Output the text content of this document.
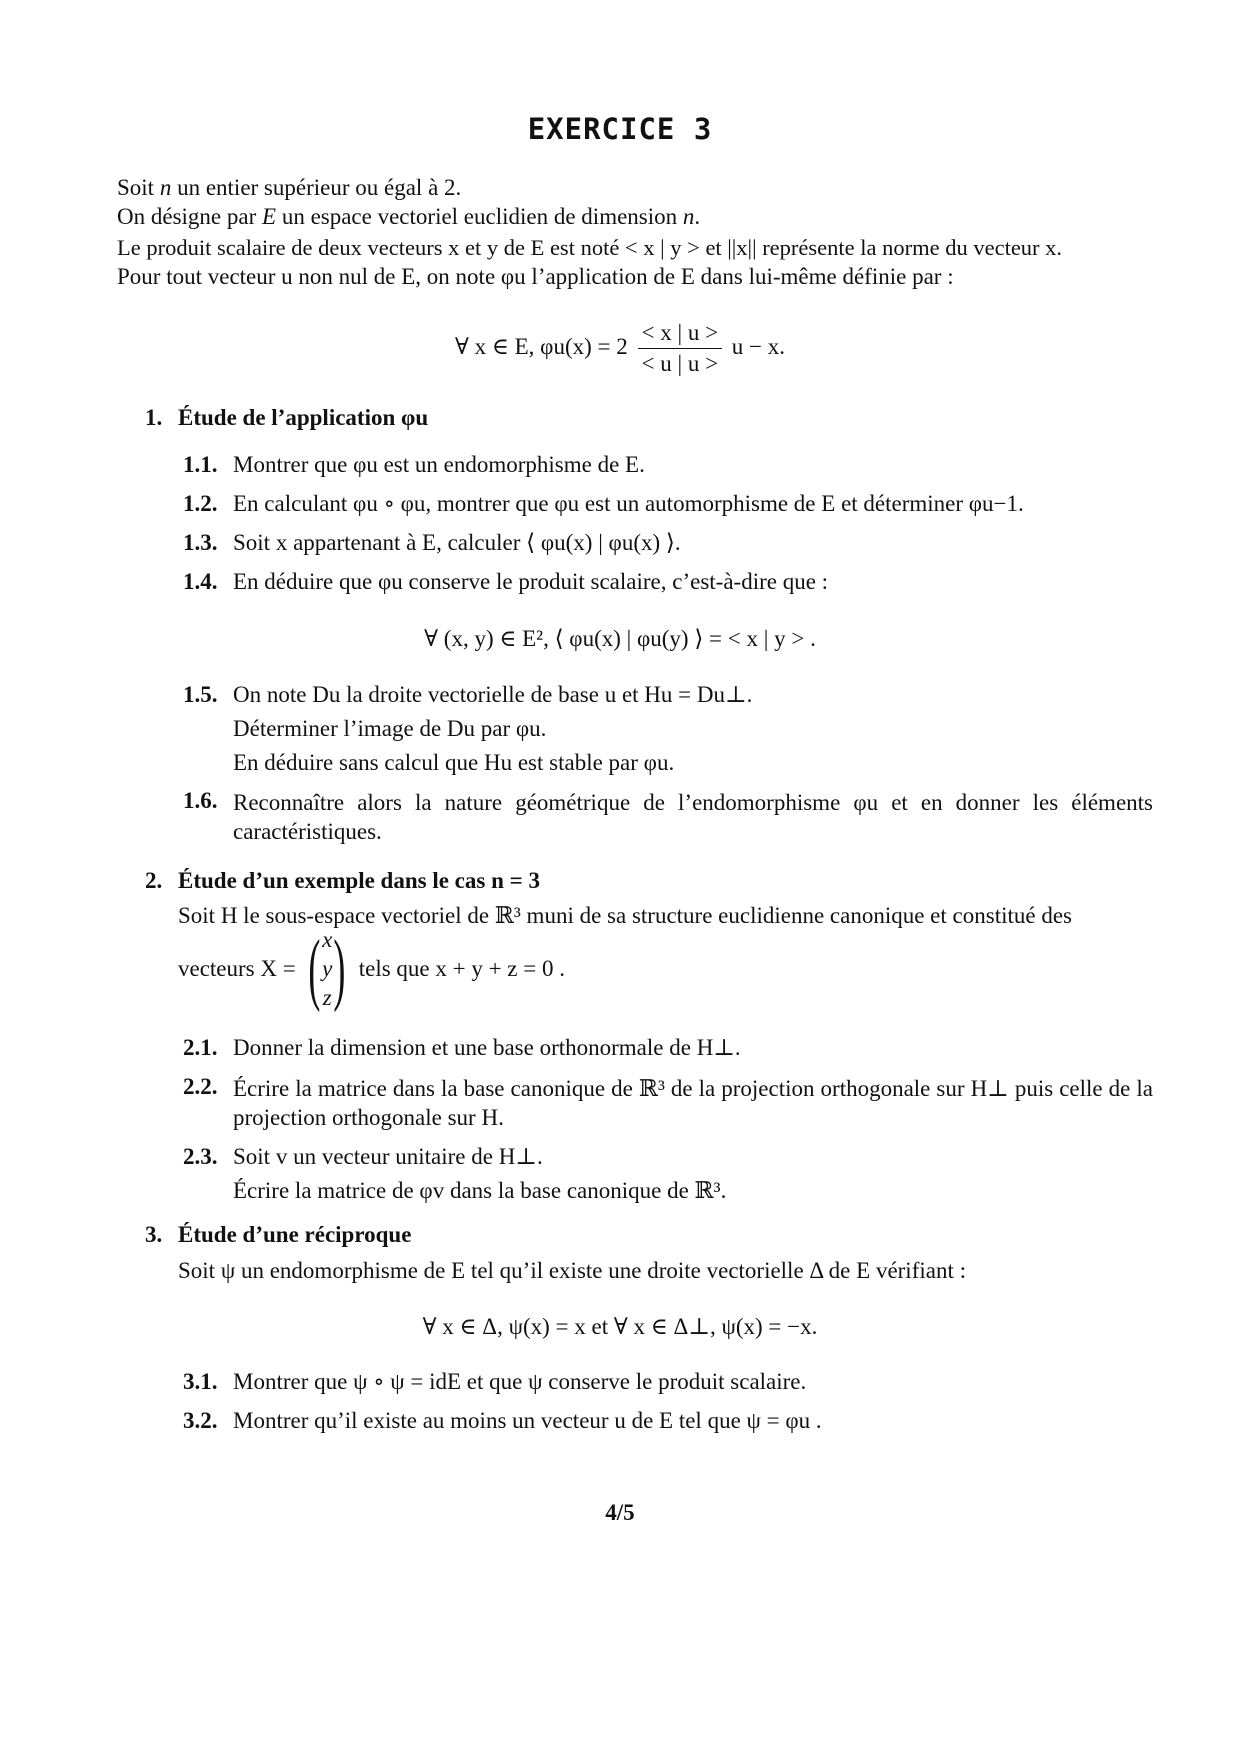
EXERCICE 3
Soit n un entier supérieur ou égal à 2.
On désigne par E un espace vectoriel euclidien de dimension n.
Le produit scalaire de deux vecteurs x et y de E est noté < x | y > et ||x|| représente la norme du vecteur x.
Pour tout vecteur u non nul de E, on note φu l’application de E dans lui-même définie par :
∀ x ∈ E, $\varphi u(x) = 2 \frac{< x | u >}{< u | u >}$ u − x.
1. Étude de l’application φu
1.1. Montrer que φu est un endomorphisme de E.
1.2. En calculant φu ∘ φu, montrer que φu est un automorphisme de E et déterminer φu−1.
1.3. Soit x appartenant à E, calculer ⟨ φu(x) | φu(x) ⟩.
1.4. En déduire que φu conserve le produit scalaire, c’est-à-dire que :
∀ (x, y) ∈ E², ⟨ φu(x) | φu(y) ⟩ = < x | y > .
1.5. On note Du la droite vectorielle de base u et Hu = Du⊥.
Déterminer l’image de Du par φu.
En déduire sans calcul que Hu est stable par φu.
1.6. Reconnaître alors la nature géométrique de l’endomorphisme φu et en donner les éléments caractéristiques.
2. Étude d’un exemple dans le cas n = 3
Soit H le sous-espace vectoriel de ℝ³ muni de sa structure euclidienne canonique et constitué des
vecteurs X = ( x
y
z ) tels que x + y + z = 0 .
2.1. Donner la dimension et une base orthonormale de H⊥.
2.2. Écrire la matrice dans la base canonique de ℝ³ de la projection orthogonale sur H⊥ puis celle de la projection orthogonale sur H.
2.3. Soit v un vecteur unitaire de H⊥.
Écrire la matrice de φv dans la base canonique de ℝ³.
3. Étude d’une réciproque
Soit ψ un endomorphisme de E tel qu’il existe une droite vectorielle Δ de E vérifiant :
∀ x ∈ Δ, ψ(x) = x et ∀ x ∈ Δ⊥, ψ(x) = −x.
3.1. Montrer que ψ ∘ ψ = idE et que ψ conserve le produit scalaire.
3.2. Montrer qu’il existe au moins un vecteur u de E tel que ψ = φu .
4/5
